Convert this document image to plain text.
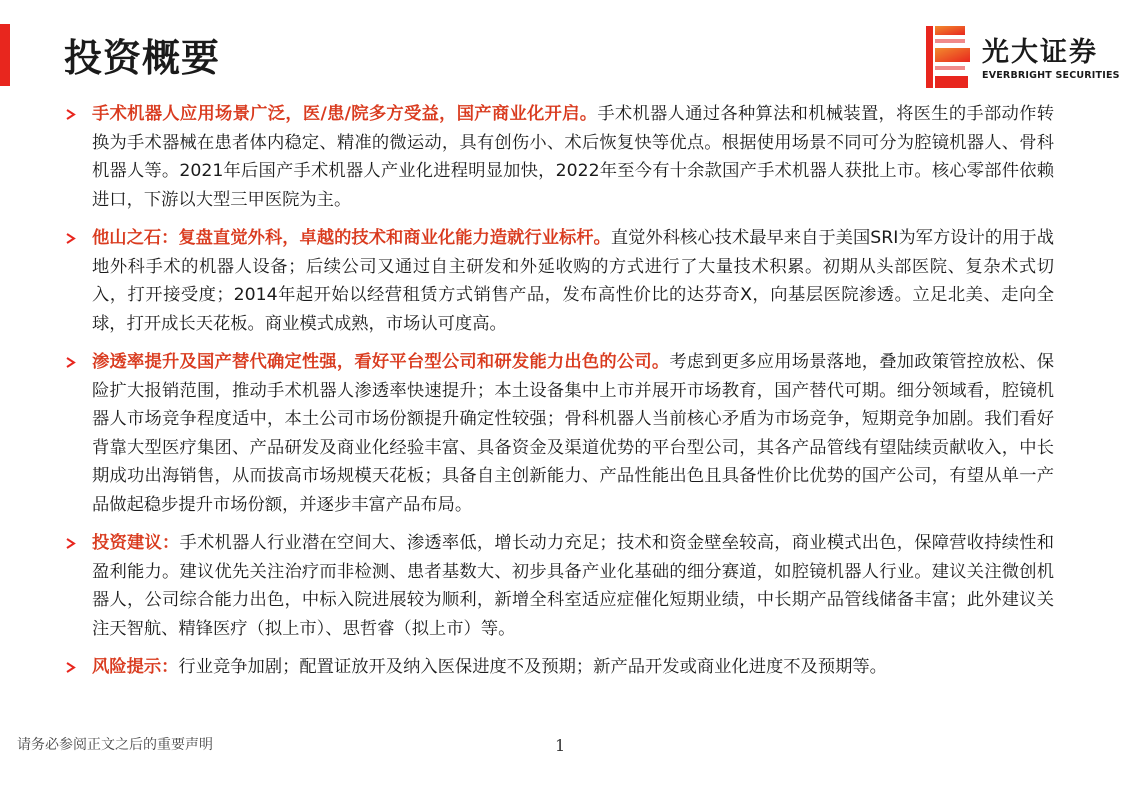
投资概要	光大证券
EVERBRIGHT SECURITIES
手术机器人应用场景广泛，医/患/院多方受益，国产商业化开启。手术机器人通过各种算法和机械装置，将医生的手部动作转换为手术器械在患者体内稳定、精准的微运动，具有创伤小、术后恢复快等优点。根据使用场景不同可分为腔镜机器人、骨科机器人等。2021年后国产手术机器人产业化进程明显加快，2022年至今有十余款国产手术机器人获批上市。核心零部件依赖进口，下游以大型三甲医院为主。
他山之石：复盘直觉外科，卓越的技术和商业化能力造就行业标杆。直觉外科核心技术最早来自于美国SRI为军方设计的用于战地外科手术的机器人设备；后续公司又通过自主研发和外延收购的方式进行了大量技术积累。初期从头部医院、复杂术式切入，打开接受度；2014年起开始以经营租赁方式销售产品，发布高性价比的达芬奇X，向基层医院渗透。立足北美、走向全球，打开成长天花板。商业模式成熟，市场认可度高。
渗透率提升及国产替代确定性强，看好平台型公司和研发能力出色的公司。考虑到更多应用场景落地，叠加政策管控放松、保险扩大报销范围，推动手术机器人渗透率快速提升；本土设备集中上市并展开市场教育，国产替代可期。细分领域看，腔镜机器人市场竞争程度适中，本土公司市场份额提升确定性较强；骨科机器人当前核心矛盾为市场竞争，短期竞争加剧。我们看好背靠大型医疗集团、产品研发及商业化经验丰富、具备资金及渠道优势的平台型公司，其各产品管线有望陆续贡献收入，中长期成功出海销售，从而拔高市场规模天花板；具备自主创新能力、产品性能出色且具备性价比优势的国产公司，有望从单一产品做起稳步提升市场份额，并逐步丰富产品布局。
投资建议：手术机器人行业潜在空间大、渗透率低，增长动力充足；技术和资金壁垒较高，商业模式出色，保障营收持续性和盈利能力。建议优先关注治疗而非检测、患者基数大、初步具备产业化基础的细分赛道，如腔镜机器人行业。建议关注微创机器人，公司综合能力出色，中标入院进展较为顺利，新增全科室适应症催化短期业绩，中长期产品管线储备丰富；此外建议关注天智航、精锋医疗（拟上市）、思哲睿（拟上市）等。
风险提示：行业竞争加剧；配置证放开及纳入医保进度不及预期；新产品开发或商业化进度不及预期等。
请务必参阅正文之后的重要声明	1
